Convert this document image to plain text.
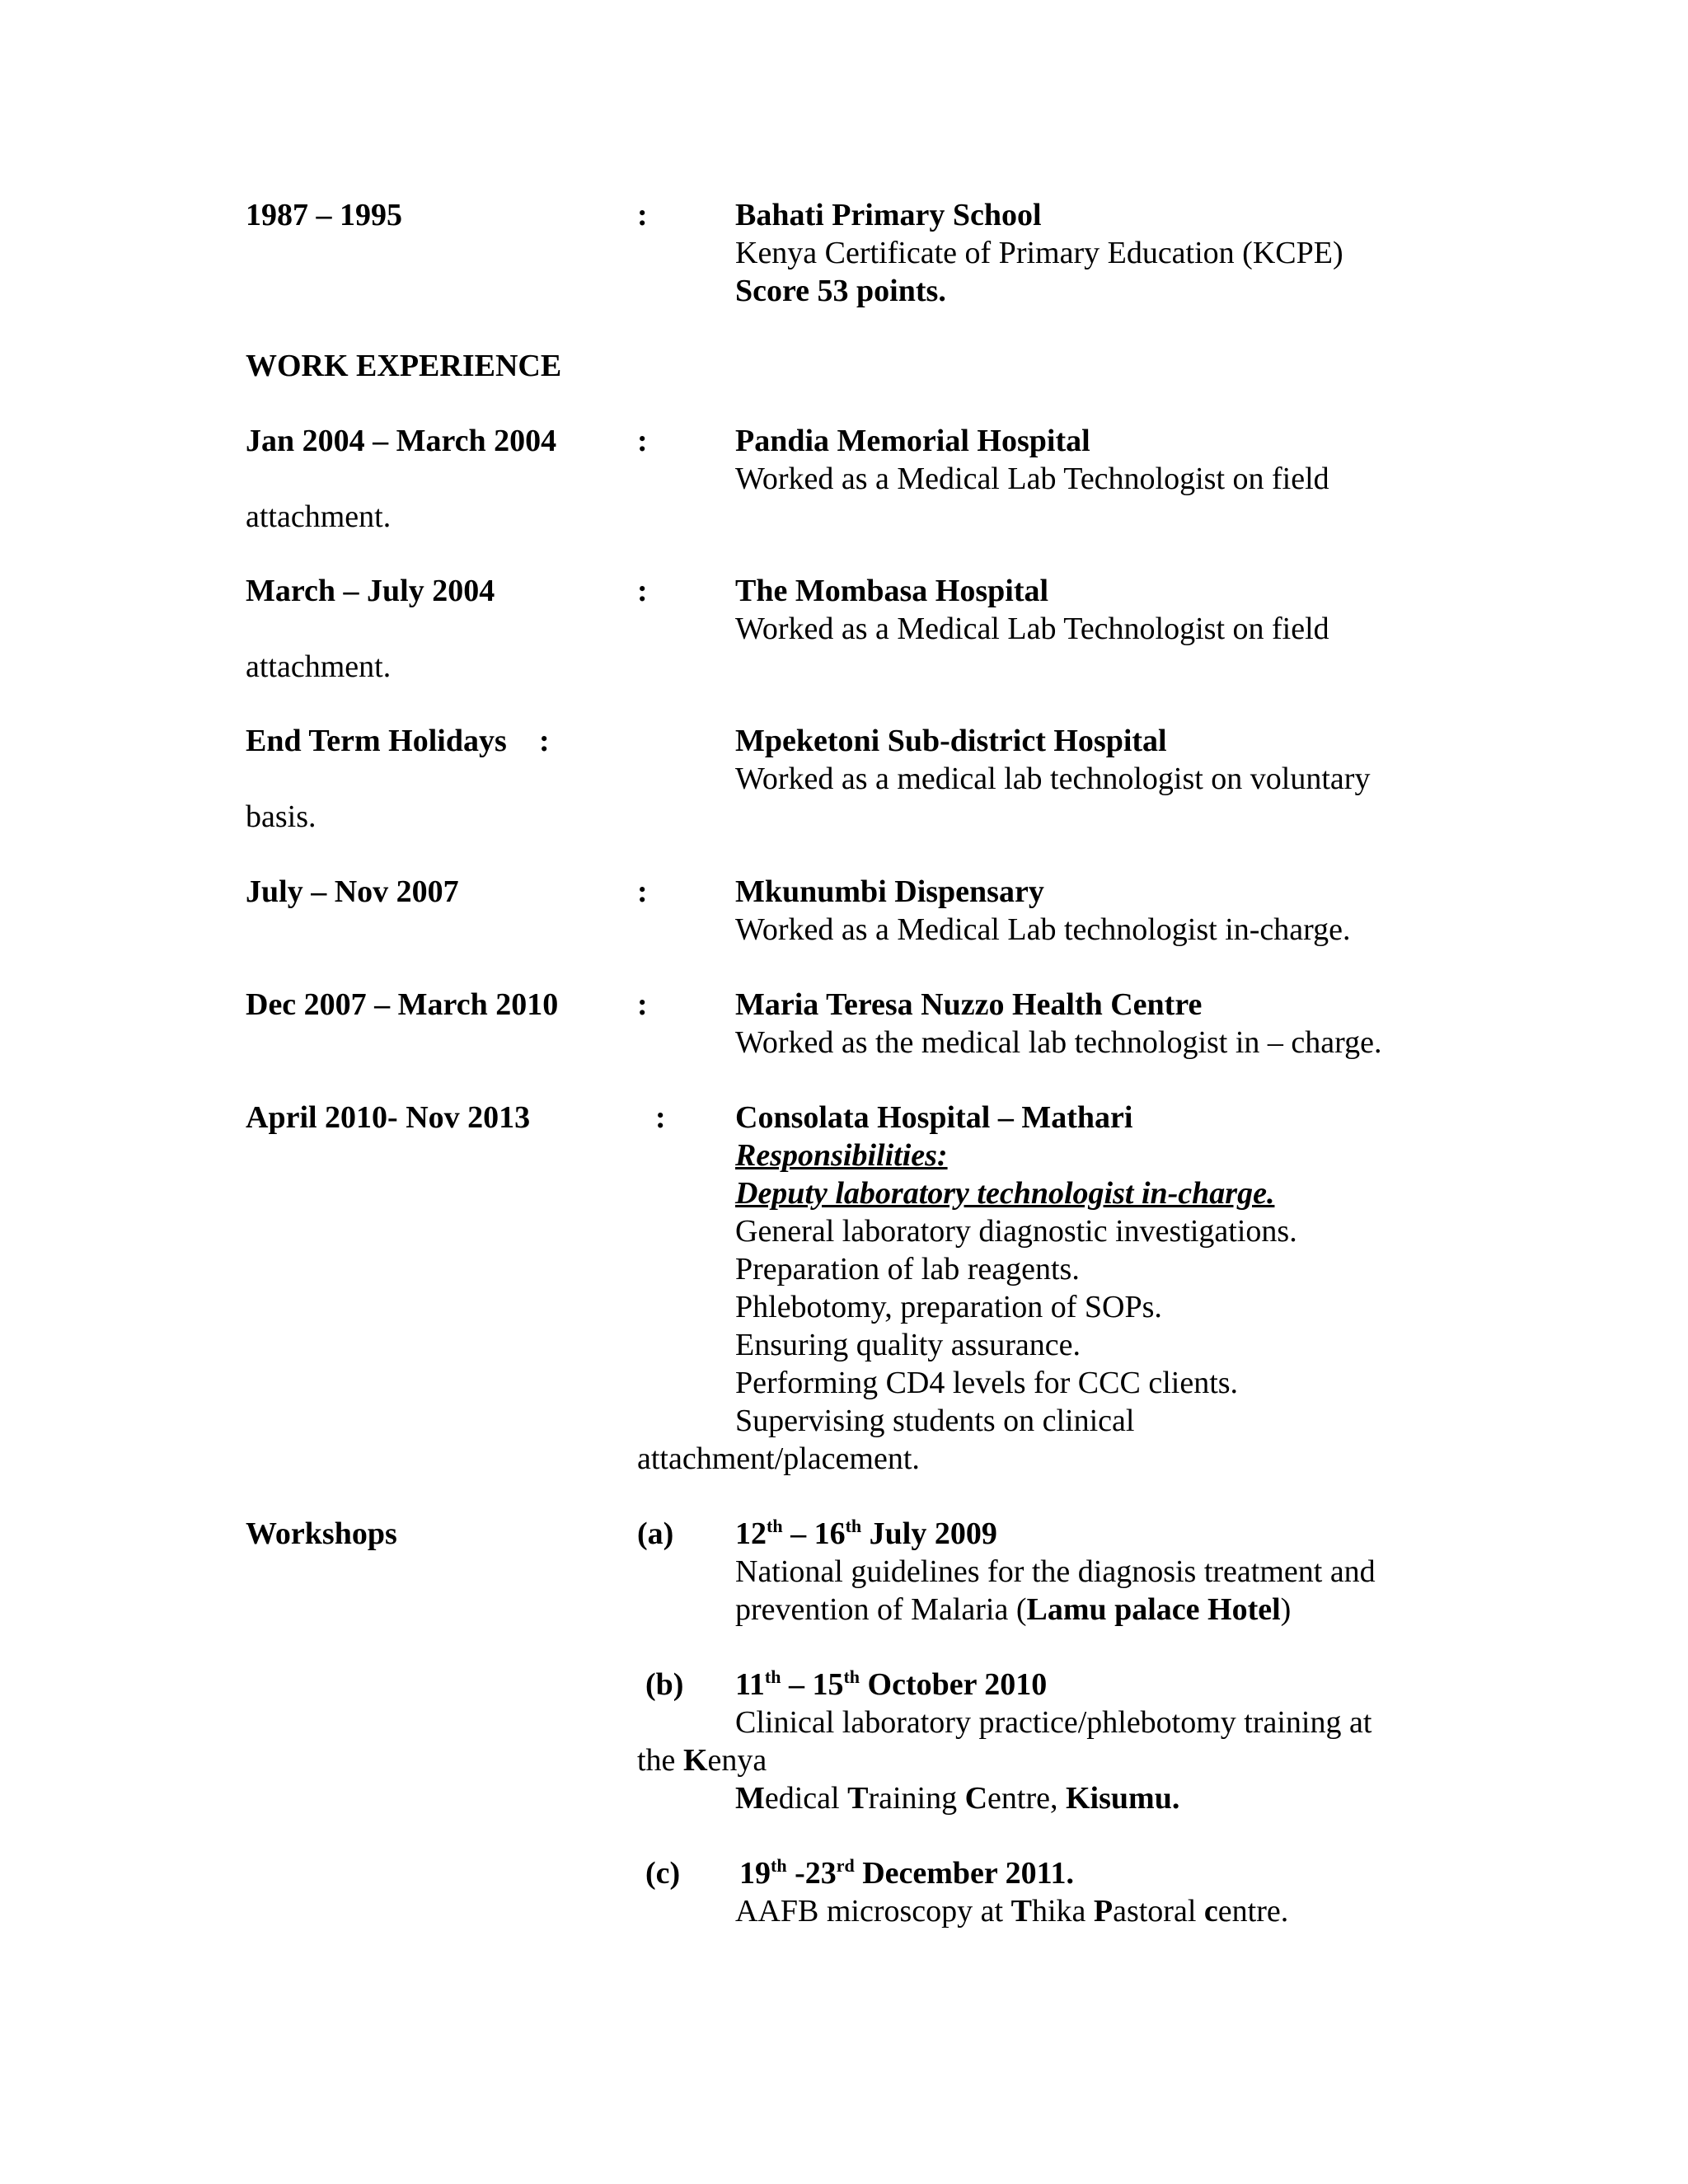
1987 – 1995	:	Bahati Primary School
Kenya Certificate of Primary Education (KCPE)
Score 53 points.
WORK EXPERIENCE
Jan 2004 – March 2004	:	Pandia Memorial Hospital
Worked as a Medical Lab Technologist on field
attachment.
March – July 2004	:	The Mombasa Hospital
Worked as a Medical Lab Technologist on field
attachment.
End Term Holidays :	Mpeketoni Sub-district Hospital
Worked as a medical lab technologist on voluntary
basis.
July – Nov 2007	:	Mkunumbi Dispensary
Worked as a Medical Lab technologist in-charge.
Dec 2007 – March 2010	:	Maria Teresa Nuzzo Health Centre
Worked as the medical lab technologist in – charge.
April 2010- Nov 2013	: Consolata Hospital – Mathari
Responsibilities:
Deputy laboratory technologist in-charge.
General laboratory diagnostic investigations.
Preparation of lab reagents.
Phlebotomy, preparation of SOPs.
Ensuring quality assurance.
Performing CD4 levels for CCC clients.
Supervising students on clinical
attachment/placement.
Workshops	(a) 12th – 16th July 2009
National guidelines for the diagnosis treatment and
prevention of Malaria (Lamu palace Hotel)
(b) 11th – 15th October 2010
Clinical laboratory practice/phlebotomy training at
the Kenya
Medical Training Centre, Kisumu.
(c) 19th -23rd December 2011.
AAFB microscopy at Thika Pastoral centre.
